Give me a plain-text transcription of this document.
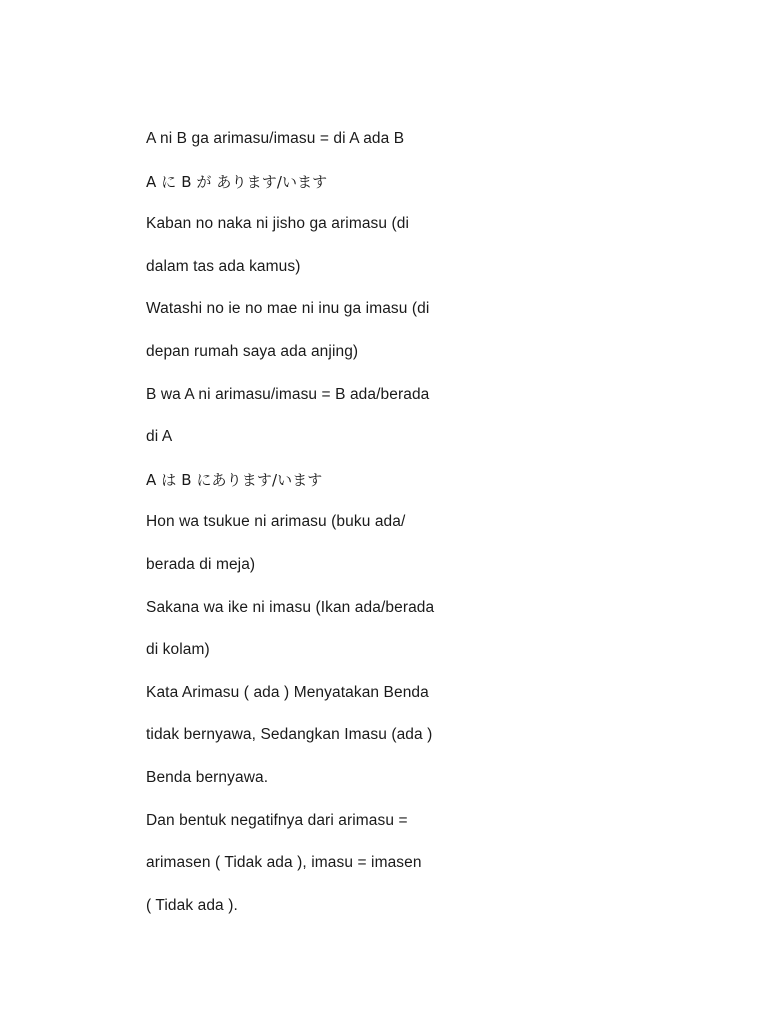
A ni B ga arimasu/imasu = di A ada B
A に B が あります/います
Kaban no naka ni jisho ga arimasu (di
dalam tas ada kamus)
Watashi no ie no mae ni inu ga imasu (di
depan rumah saya ada anjing)
B wa A ni arimasu/imasu = B ada/berada
di A
A は B にあります/います
Hon wa tsukue ni arimasu (buku ada/
berada di meja)
Sakana wa ike ni imasu (Ikan ada/berada
di kolam)
Kata Arimasu ( ada ) Menyatakan Benda
tidak bernyawa, Sedangkan Imasu (ada )
Benda bernyawa.
Dan bentuk negatifnya dari arimasu =
arimasen ( Tidak ada ), imasu = imasen
( Tidak ada ).
